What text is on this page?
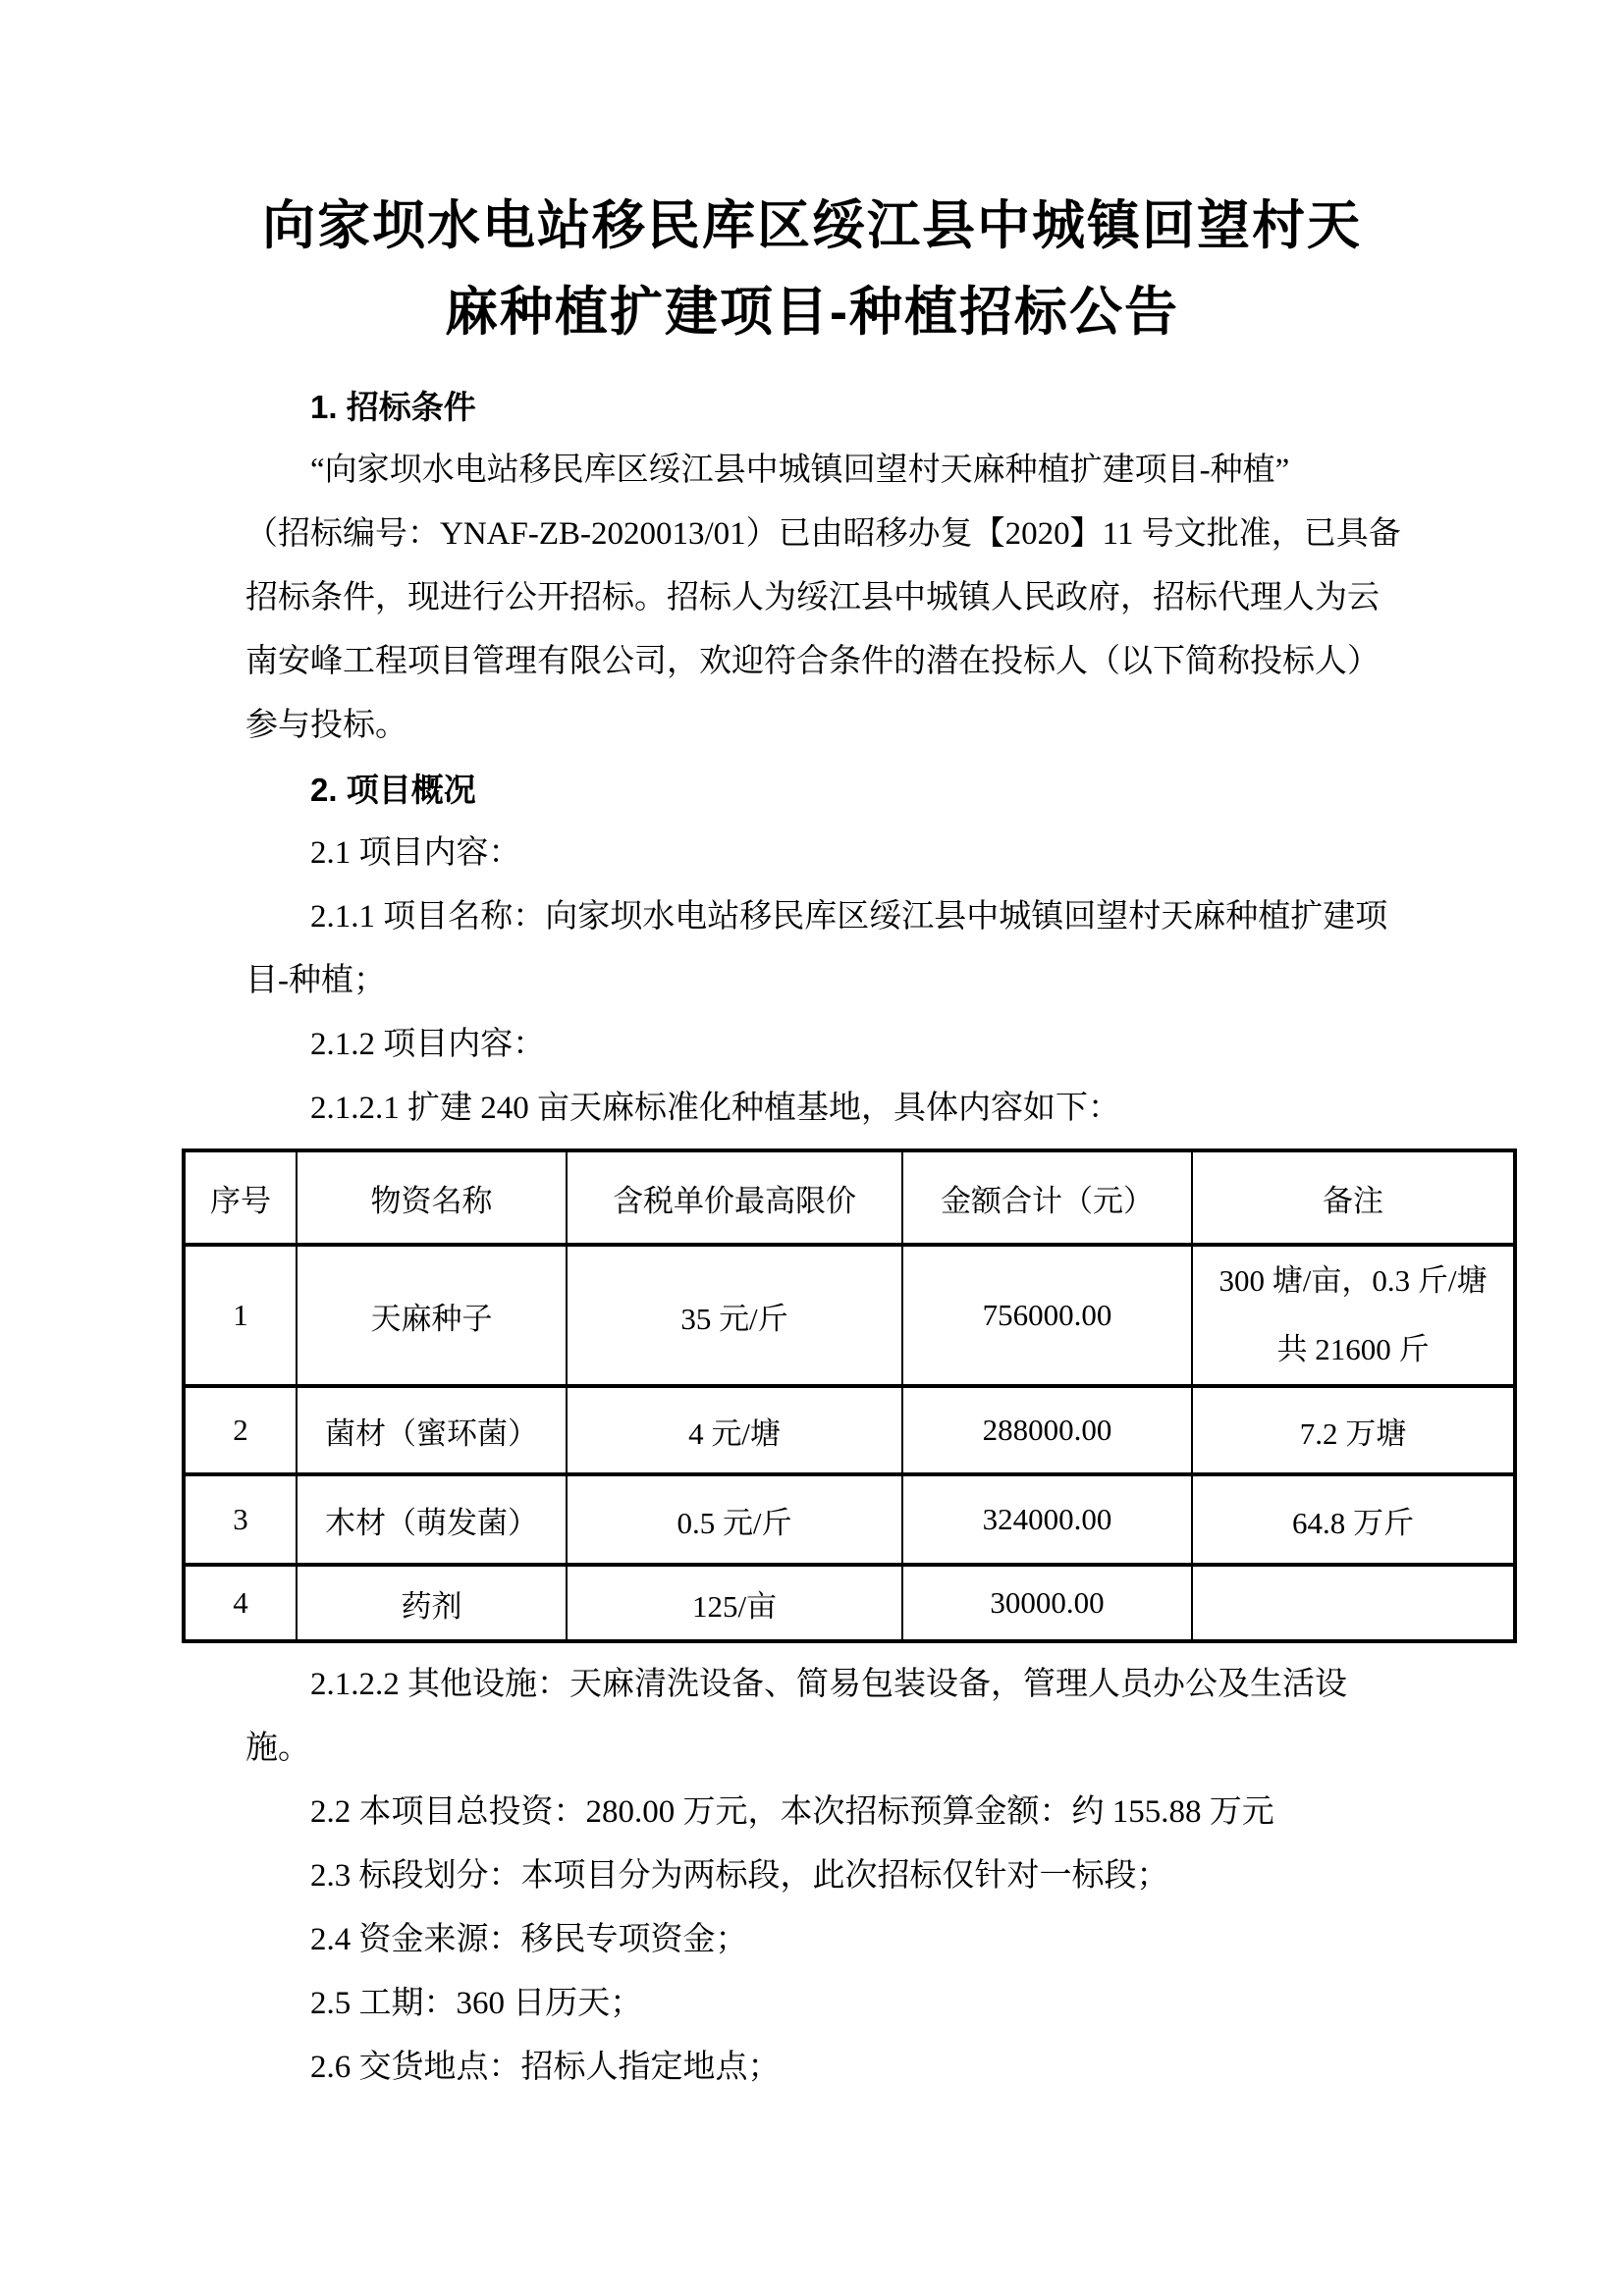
向家坝水电站移民库区绥江县中城镇回望村天
麻种植扩建项目-种植招标公告
1. 招标条件
“向家坝水电站移民库区绥江县中城镇回望村天麻种植扩建项目-种植”
（招标编号：YNAF-ZB-2020013/01）已由昭移办复【2020】11 号文批准，已具备
招标条件，现进行公开招标。招标人为绥江县中城镇人民政府，招标代理人为云
南安峰工程项目管理有限公司，欢迎符合条件的潜在投标人（以下简称投标人）
参与投标。
2. 项目概况
2.1 项目内容：
2.1.1 项目名称：向家坝水电站移民库区绥江县中城镇回望村天麻种植扩建项
目-种植；
2.1.2 项目内容：
2.1.2.1 扩建 240 亩天麻标准化种植基地，具体内容如下：
序号	物资名称	含税单价最高限价	金额合计（元）	备注
1	天麻种子	35 元/斤	756000.00	300 塘/亩，0.3 斤/塘
共 21600 斤

2	菌材（蜜环菌）	4 元/塘	288000.00	7.2 万塘
3	木材（萌发菌）	0.5 元/斤	324000.00	64.8 万斤
4	药剂	125/亩	30000.00	
2.1.2.2 其他设施：天麻清洗设备、简易包装设备，管理人员办公及生活设
施。
2.2 本项目总投资：280.00 万元，本次招标预算金额：约 155.88 万元
2.3 标段划分：本项目分为两标段，此次招标仅针对一标段；
2.4 资金来源：移民专项资金；
2.5 工期：360 日历天；
2.6 交货地点：招标人指定地点；
